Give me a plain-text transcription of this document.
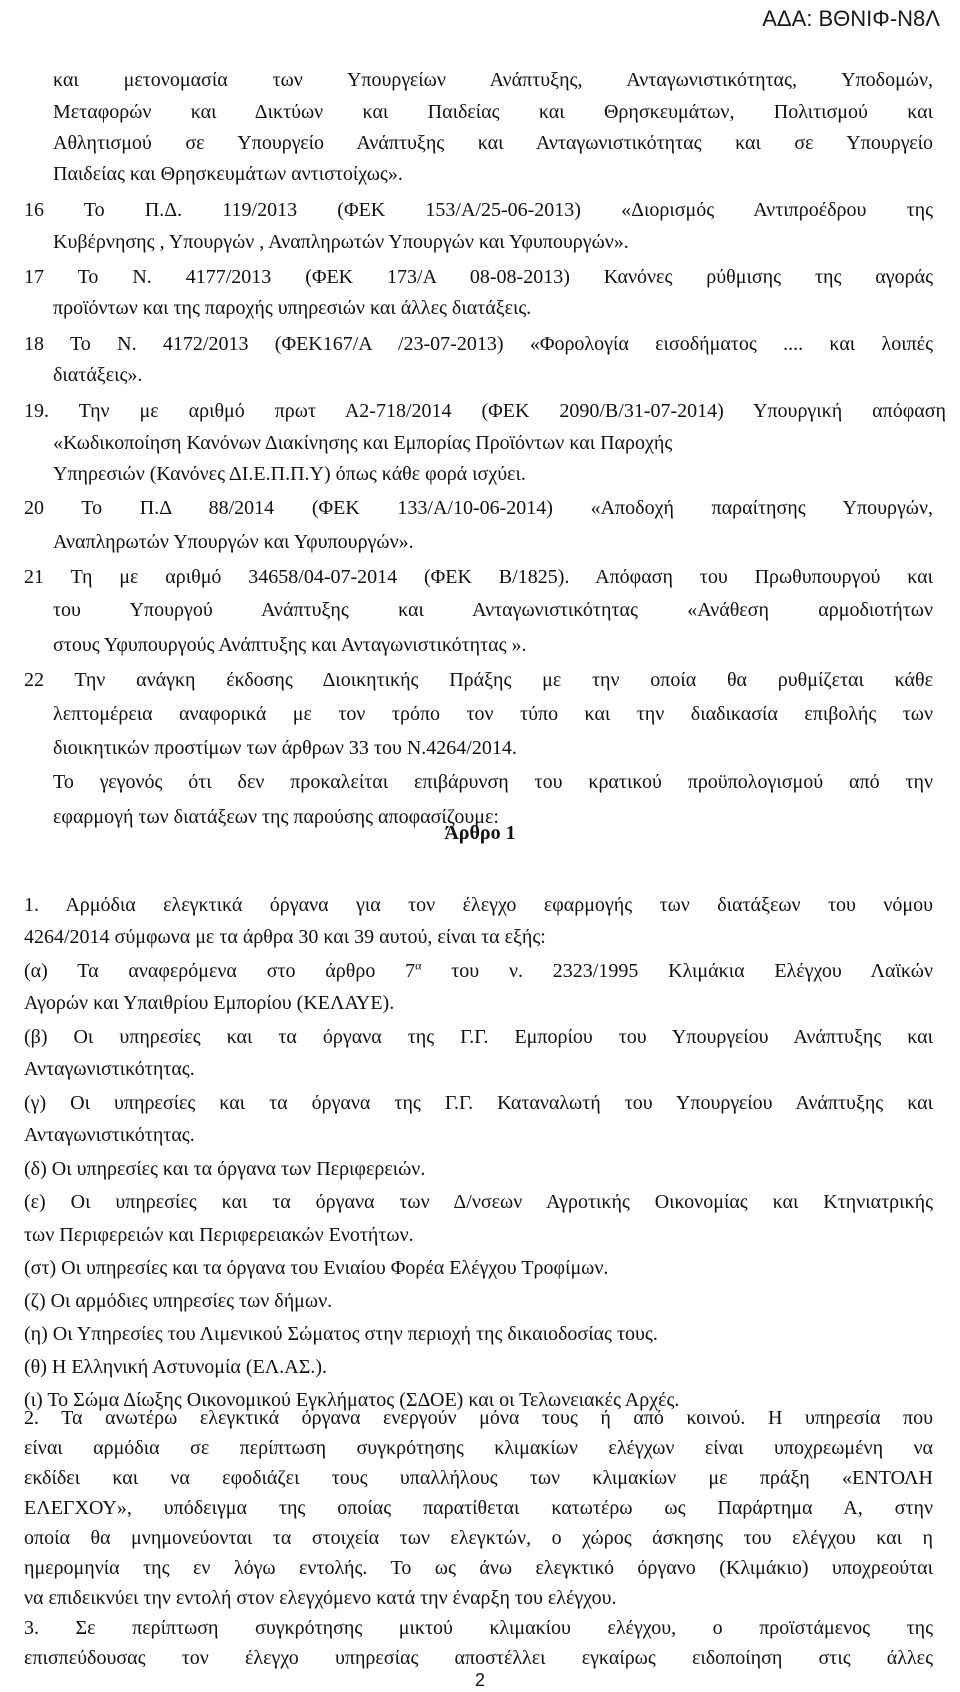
ΑΔΑ: ΒΘΝΙΦ-Ν8Λ
και μετονομασία των Υπουργείων Ανάπτυξης, Ανταγωνιστικότητας, Υποδομών,
Μεταφορών και Δικτύων και Παιδείας και Θρησκευμάτων, Πολιτισμού και
Αθλητισμού σε Υπουργείο Ανάπτυξης και Ανταγωνιστικότητας και σε Υπουργείο
Παιδείας και Θρησκευμάτων αντιστοίχως».
16 Το Π.Δ. 119/2013 (ΦΕΚ 153/Α/25-06-2013) «Διορισμός Αντιπροέδρου της
Κυβέρνησης , Υπουργών , Αναπληρωτών Υπουργών και Υφυπουργών».
17 Το Ν. 4177/2013 (ΦΕΚ 173/Α 08-08-2013) Κανόνες ρύθμισης της αγοράς
προϊόντων και της παροχής υπηρεσιών και άλλες διατάξεις.
18 Το Ν. 4172/2013 (ΦΕΚ167/Α /23-07-2013) «Φορολογία εισοδήματος .... και λοιπές
διατάξεις».
19. Την με αριθμό πρωτ Α2-718/2014 (ΦΕΚ 2090/Β/31-07-2014) Υπουργική απόφαση
«Κωδικοποίηση Κανόνων Διακίνησης και Εμπορίας Προϊόντων και Παροχής
Υπηρεσιών (Κανόνες ΔΙ.Ε.Π.Π.Υ) όπως κάθε φορά ισχύει.
20 Το Π.Δ 88/2014 (ΦΕΚ 133/Α/10-06-2014) «Αποδοχή παραίτησης Υπουργών,
Αναπληρωτών Υπουργών και Υφυπουργών».
21 Τη με αριθμό 34658/04-07-2014 (ΦΕΚ Β/1825). Απόφαση του Πρωθυπουργού και
του Υπουργού Ανάπτυξης και Ανταγωνιστικότητας «Ανάθεση αρμοδιοτήτων
στους Υφυπουργούς Ανάπτυξης και Ανταγωνιστικότητας ».
22 Την ανάγκη έκδοσης Διοικητικής Πράξης με την οποία θα ρυθμίζεται κάθε
λεπτομέρεια αναφορικά με τον τρόπο τον τύπο και την διαδικασία επιβολής των
διοικητικών προστίμων των άρθρων 33 του Ν.4264/2014.
Το γεγονός ότι δεν προκαλείται επιβάρυνση του κρατικού προϋπολογισμού από την
εφαρμογή των διατάξεων της παρούσης αποφασίζουμε:
Άρθρο 1
1. Αρμόδια ελεγκτικά όργανα για τον έλεγχο εφαρμογής των διατάξεων του νόμου
4264/2014 σύμφωνα με τα άρθρα 30 και 39 αυτού, είναι τα εξής:
(α) Τα αναφερόμενα στο άρθρο $7^\alpha$ του ν. 2323/1995 Κλιμάκια Ελέγχου Λαϊκών
Αγορών και Υπαιθρίου Εμπορίου (ΚΕΛΑΥΕ).
(β) Οι υπηρεσίες και τα όργανα της Γ.Γ. Εμπορίου του Υπουργείου Ανάπτυξης και
Ανταγωνιστικότητας.
(γ) Οι υπηρεσίες και τα όργανα της Γ.Γ. Καταναλωτή του Υπουργείου Ανάπτυξης και
Ανταγωνιστικότητας.
(δ) Οι υπηρεσίες και τα όργανα των Περιφερειών.
(ε) Οι υπηρεσίες και τα όργανα των Δ/νσεων Αγροτικής Οικονομίας και Κτηνιατρικής
των Περιφερειών και Περιφερειακών Ενοτήτων.
(στ) Οι υπηρεσίες και τα όργανα του Ενιαίου Φορέα Ελέγχου Τροφίμων.
(ζ) Οι αρμόδιες υπηρεσίες των δήμων.
(η) Οι Υπηρεσίες του Λιμενικού Σώματος στην περιοχή της δικαιοδοσίας τους.
(θ) Η Ελληνική Αστυνομία (ΕΛ.ΑΣ.).
(ι) Το Σώμα Δίωξης Οικονομικού Εγκλήματος (ΣΔΟΕ) και οι Τελωνειακές Αρχές.
2. Τα ανωτέρω ελεγκτικά όργανα ενεργούν μόνα τους ή από κοινού. Η υπηρεσία που
είναι αρμόδια σε περίπτωση συγκρότησης κλιμακίων ελέγχων είναι υποχρεωμένη να
εκδίδει και να εφοδιάζει τους υπαλλήλους των κλιμακίων με πράξη «ΕΝΤΟΛΗ
ΕΛΕΓΧΟΥ», υπόδειγμα της οποίας παρατίθεται κατωτέρω ως Παράρτημα Α, στην
οποία θα μνημονεύονται τα στοιχεία των ελεγκτών, ο χώρος άσκησης του ελέγχου και η
ημερομηνία της εν λόγω εντολής. Το ως άνω ελεγκτικό όργανο (Κλιμάκιο) υποχρεούται
να επιδεικνύει την εντολή στον ελεγχόμενο κατά την έναρξη του ελέγχου.
3. Σε περίπτωση συγκρότησης μικτού κλιμακίου ελέγχου, ο προϊστάμενος της
επισπεύδουσας τον έλεγχο υπηρεσίας αποστέλλει εγκαίρως ειδοποίηση στις άλλες
2
